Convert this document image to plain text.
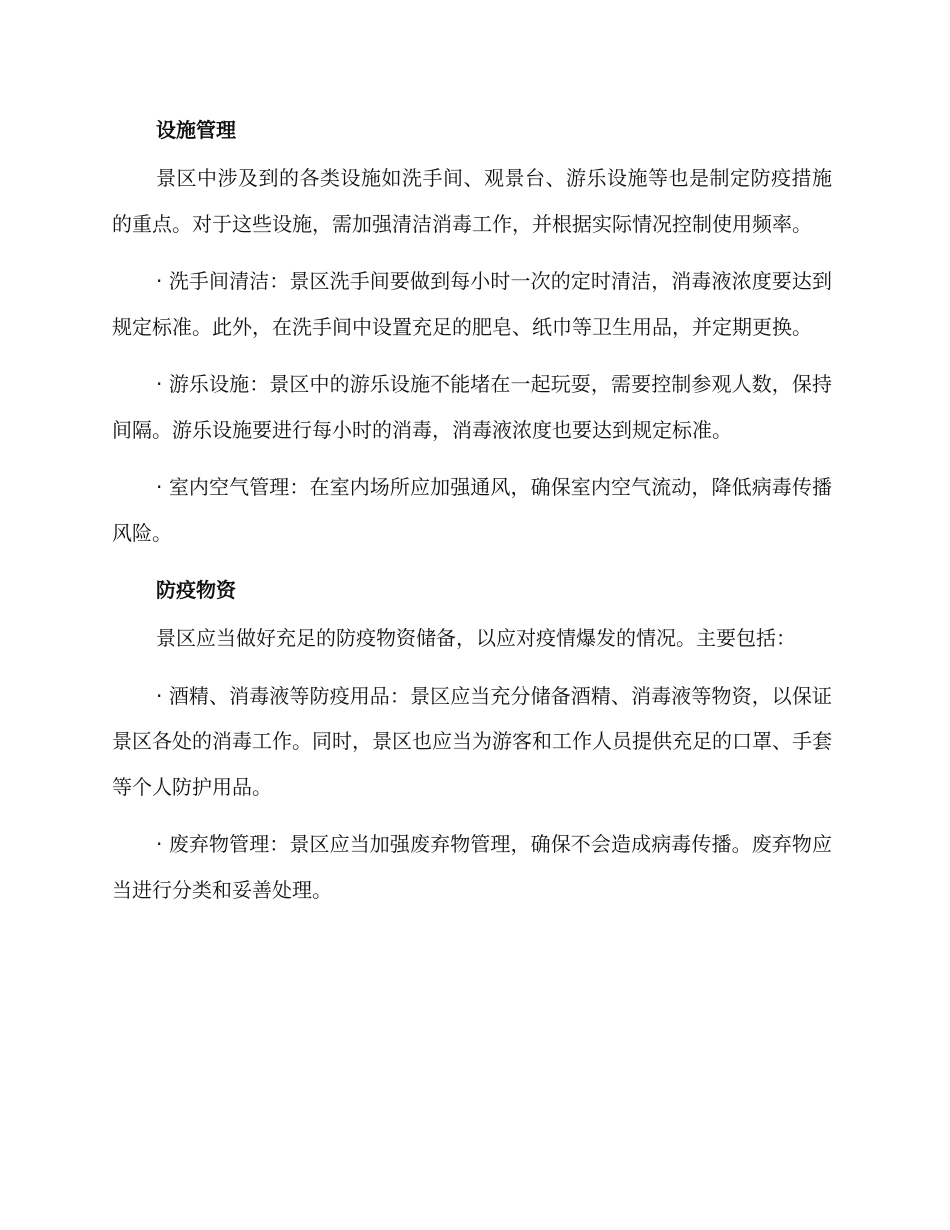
设施管理

景区中涉及到的各类设施如洗手间、观景台、游乐设施等也是制定防疫措施的重点。对于这些设施，需加强清洁消毒工作，并根据实际情况控制使用频率。

· 洗手间清洁：景区洗手间要做到每小时一次的定时清洁，消毒液浓度要达到规定标准。此外，在洗手间中设置充足的肥皂、纸巾等卫生用品，并定期更换。

· 游乐设施：景区中的游乐设施不能堵在一起玩耍，需要控制参观人数，保持间隔。游乐设施要进行每小时的消毒，消毒液浓度也要达到规定标准。

· 室内空气管理：在室内场所应加强通风，确保室内空气流动，降低病毒传播风险。

防疫物资

景区应当做好充足的防疫物资储备，以应对疫情爆发的情况。主要包括：

· 酒精、消毒液等防疫用品：景区应当充分储备酒精、消毒液等物资，以保证景区各处的消毒工作。同时，景区也应当为游客和工作人员提供充足的口罩、手套等个人防护用品。

· 废弃物管理：景区应当加强废弃物管理，确保不会造成病毒传播。废弃物应当进行分类和妥善处理。
